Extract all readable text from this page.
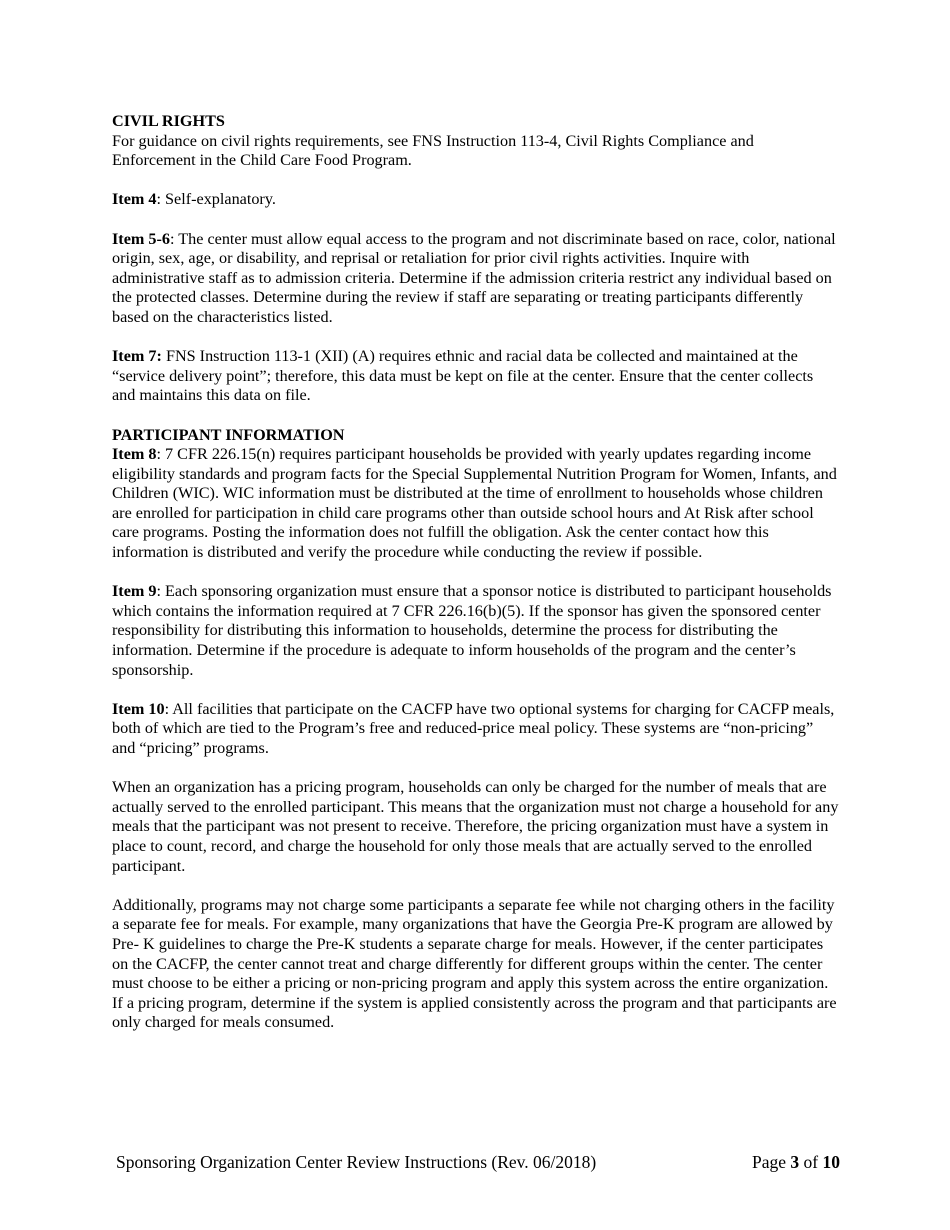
CIVIL RIGHTS

For guidance on civil rights requirements, see FNS Instruction 113-4, Civil Rights Compliance and Enforcement in the Child Care Food Program.

Item 4: Self-explanatory.

Item 5-6: The center must allow equal access to the program and not discriminate based on race, color, national origin, sex, age, or disability, and reprisal or retaliation for prior civil rights activities. Inquire with administrative staff as to admission criteria. Determine if the admission criteria restrict any individual based on the protected classes. Determine during the review if staff are separating or treating participants differently based on the characteristics listed.

Item 7: FNS Instruction 113-1 (XII) (A) requires ethnic and racial data be collected and maintained at the “service delivery point”; therefore, this data must be kept on file at the center. Ensure that the center collects and maintains this data on file.

PARTICIPANT INFORMATION

Item 8: 7 CFR 226.15(n) requires participant households be provided with yearly updates regarding income eligibility standards and program facts for the Special Supplemental Nutrition Program for Women, Infants, and Children (WIC). WIC information must be distributed at the time of enrollment to households whose children are enrolled for participation in child care programs other than outside school hours and At Risk after school care programs. Posting the information does not fulfill the obligation. Ask the center contact how this information is distributed and verify the procedure while conducting the review if possible.

Item 9: Each sponsoring organization must ensure that a sponsor notice is distributed to participant households which contains the information required at 7 CFR 226.16(b)(5). If the sponsor has given the sponsored center responsibility for distributing this information to households, determine the process for distributing the information. Determine if the procedure is adequate to inform households of the program and the center’s sponsorship.

Item 10: All facilities that participate on the CACFP have two optional systems for charging for CACFP meals, both of which are tied to the Program’s free and reduced-price meal policy. These systems are “non-pricing” and “pricing” programs.

When an organization has a pricing program, households can only be charged for the number of meals that are actually served to the enrolled participant. This means that the organization must not charge a household for any meals that the participant was not present to receive. Therefore, the pricing organization must have a system in place to count, record, and charge the household for only those meals that are actually served to the enrolled participant.

Additionally, programs may not charge some participants a separate fee while not charging others in the facility a separate fee for meals. For example, many organizations that have the Georgia Pre-K program are allowed by Pre- K guidelines to charge the Pre-K students a separate charge for meals. However, if the center participates on the CACFP, the center cannot treat and charge differently for different groups within the center. The center must choose to be either a pricing or non-pricing program and apply this system across the entire organization.

If a pricing program, determine if the system is applied consistently across the program and that participants are only charged for meals consumed.

Sponsoring Organization Center Review Instructions (Rev. 06/2018)	Page 3 of 10
